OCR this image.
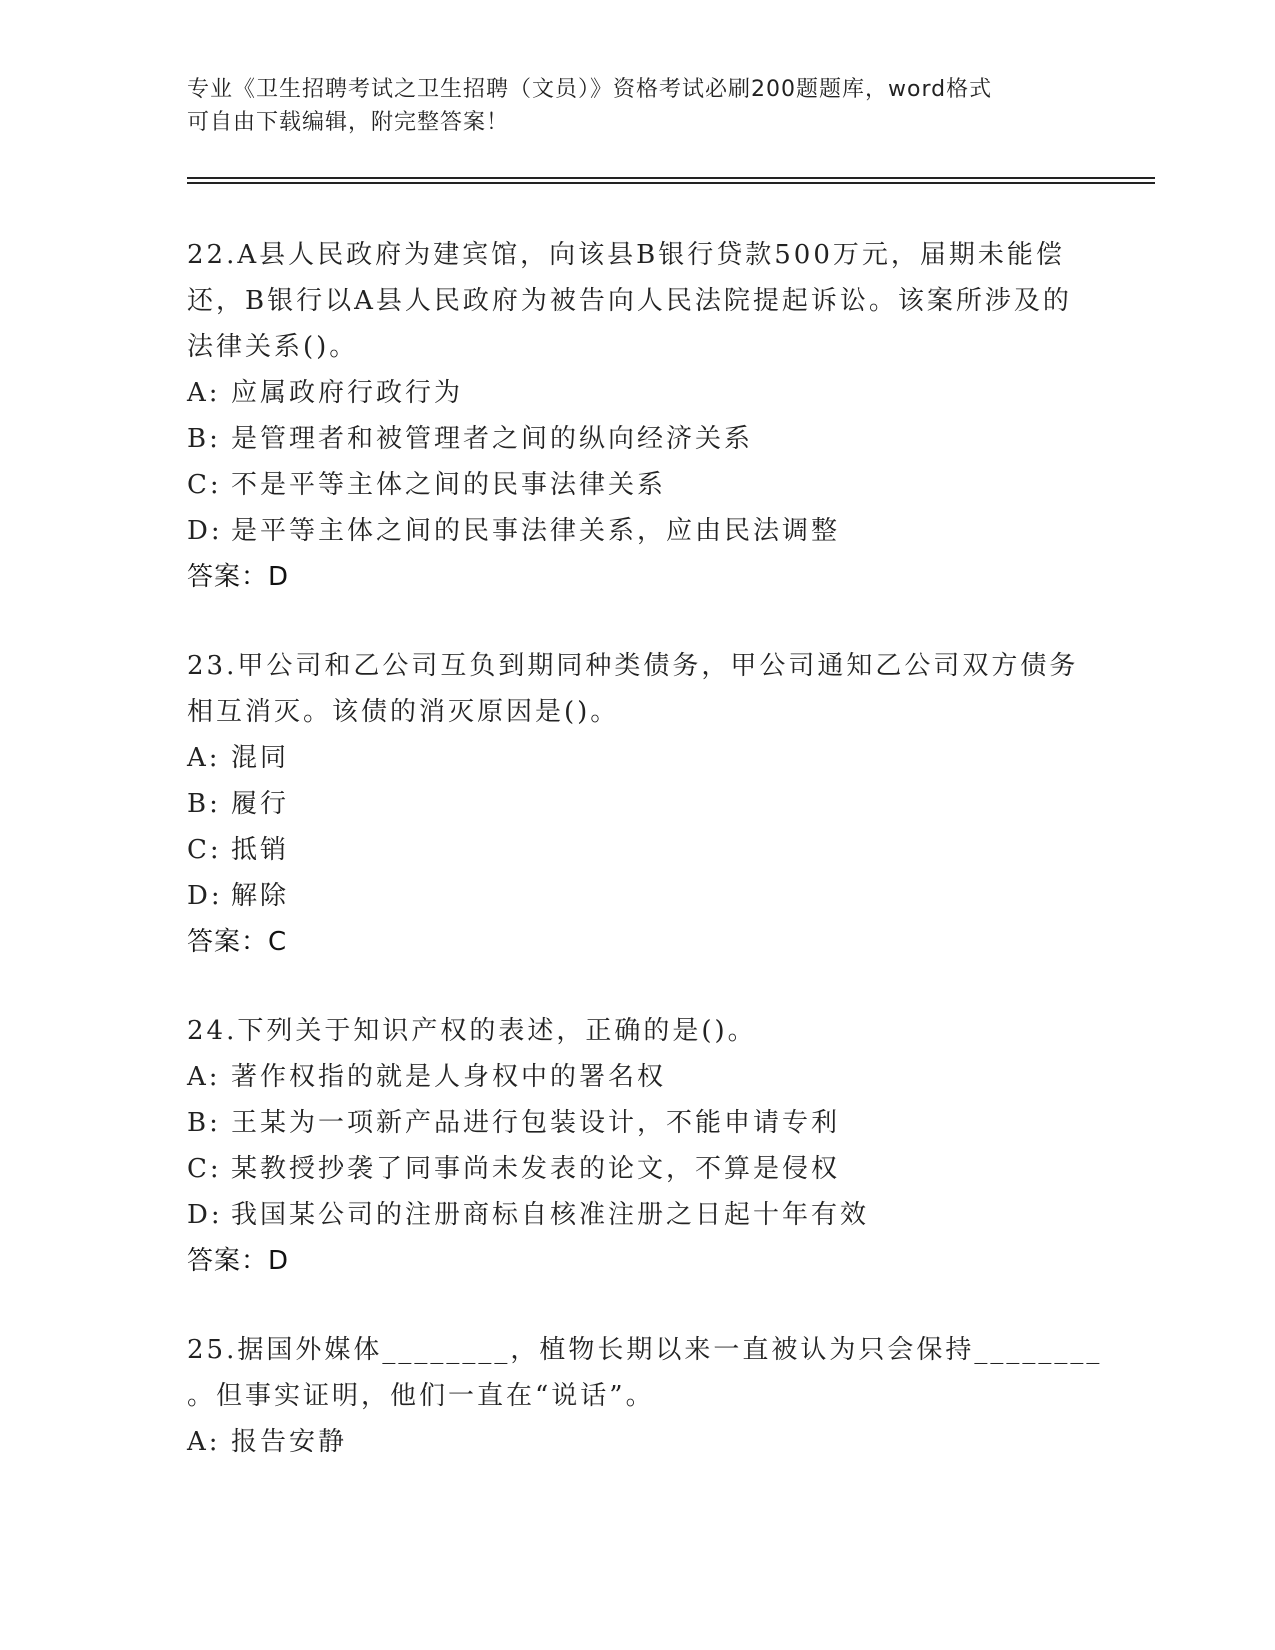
专业《卫生招聘考试之卫生招聘（文员）》资格考试必刷200题题库，word格式
可自由下载编辑，附完整答案！
22.A县人民政府为建宾馆，向该县B银行贷款500万元，届期未能偿
还，B银行以A县人民政府为被告向人民法院提起诉讼。该案所涉及的
法律关系()。
A: 应属政府行政行为
B: 是管理者和被管理者之间的纵向经济关系
C: 不是平等主体之间的民事法律关系
D: 是平等主体之间的民事法律关系，应由民法调整
答案：D
23.甲公司和乙公司互负到期同种类债务，甲公司通知乙公司双方债务
相互消灭。该债的消灭原因是()。
A: 混同
B: 履行
C: 抵销
D: 解除
答案：C
24.下列关于知识产权的表述，正确的是()。
A: 著作权指的就是人身权中的署名权
B: 王某为一项新产品进行包装设计，不能申请专利
C: 某教授抄袭了同事尚未发表的论文，不算是侵权
D: 我国某公司的注册商标自核准注册之日起十年有效
答案：D
25.据国外媒体________，植物长期以来一直被认为只会保持________
。但事实证明，他们一直在“说话”。
A: 报告安静
